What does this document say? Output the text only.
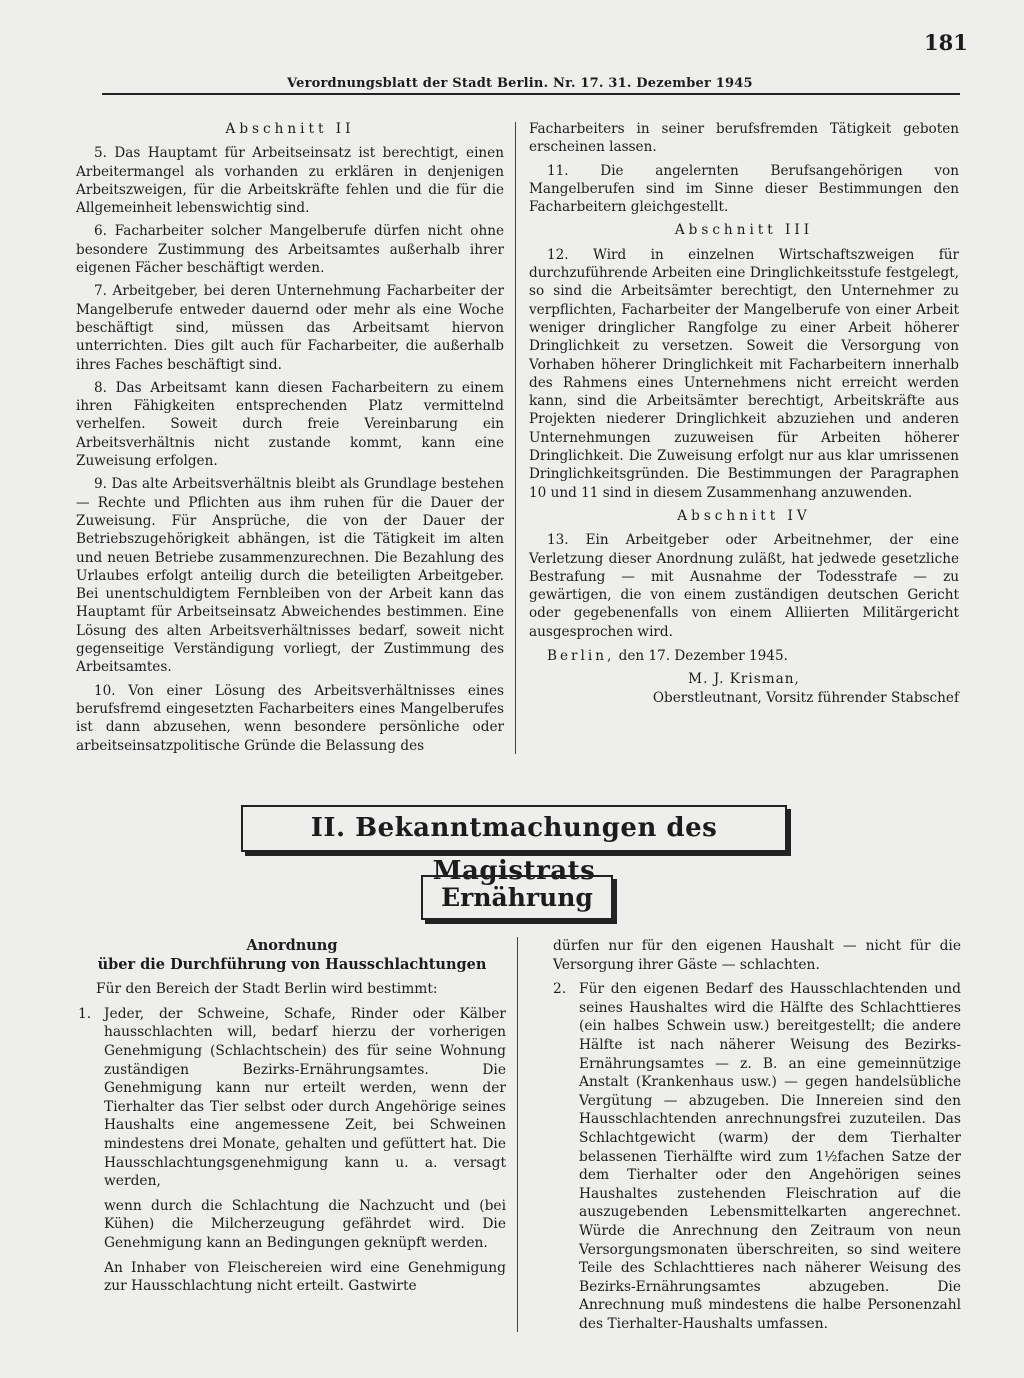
181
Verordnungsblatt der Stadt Berlin. Nr. 17. 31. Dezember 1945
Abschnitt II

5. Das Hauptamt für Arbeitseinsatz ist berechtigt, einen Arbeitermangel als vorhanden zu erklären in denjenigen Arbeitszweigen, für die Arbeitskräfte fehlen und die für die Allgemeinheit lebenswichtig sind.

6. Facharbeiter solcher Mangelberufe dürfen nicht ohne besondere Zustimmung des Arbeitsamtes außerhalb ihrer eigenen Fächer beschäftigt werden.

7. Arbeitgeber, bei deren Unternehmung Facharbeiter der Mangelberufe entweder dauernd oder mehr als eine Woche beschäftigt sind, müssen das Arbeitsamt hiervon unterrichten. Dies gilt auch für Facharbeiter, die außerhalb ihres Faches beschäftigt sind.

8. Das Arbeitsamt kann diesen Facharbeitern zu einem ihren Fähigkeiten entsprechenden Platz vermittelnd verhelfen. Soweit durch freie Vereinbarung ein Arbeitsverhältnis nicht zustande kommt, kann eine Zuweisung erfolgen.

9. Das alte Arbeitsverhältnis bleibt als Grundlage bestehen — Rechte und Pflichten aus ihm ruhen für die Dauer der Zuweisung. Für Ansprüche, die von der Dauer der Betriebszugehörigkeit abhängen, ist die Tätigkeit im alten und neuen Betriebe zusammenzurechnen. Die Bezahlung des Urlaubes erfolgt anteilig durch die beteiligten Arbeitgeber. Bei unentschuldigtem Fernbleiben von der Arbeit kann das Hauptamt für Arbeitseinsatz Abweichendes bestimmen. Eine Lösung des alten Arbeitsverhältnisses bedarf, soweit nicht gegenseitige Verständigung vorliegt, der Zustimmung des Arbeitsamtes.

10. Von einer Lösung des Arbeitsverhältnisses eines berufsfremd eingesetzten Facharbeiters eines Mangelberufes ist dann abzusehen, wenn besondere persönliche oder arbeitseinsatzpolitische Gründe die Belassung des

Facharbeiters in seiner berufsfremden Tätigkeit geboten erscheinen lassen.

11. Die angelernten Berufsangehörigen von Mangelberufen sind im Sinne dieser Bestimmungen den Facharbeitern gleichgestellt.

Abschnitt III

12. Wird in einzelnen Wirtschaftszweigen für durchzuführende Arbeiten eine Dringlichkeitsstufe festgelegt, so sind die Arbeitsämter berechtigt, den Unternehmer zu verpflichten, Facharbeiter der Mangelberufe von einer Arbeit weniger dringlicher Rangfolge zu einer Arbeit höherer Dringlichkeit zu versetzen. Soweit die Versorgung von Vorhaben höherer Dringlichkeit mit Facharbeitern innerhalb des Rahmens eines Unternehmens nicht erreicht werden kann, sind die Arbeitsämter berechtigt, Arbeitskräfte aus Projekten niederer Dringlichkeit abzuziehen und anderen Unternehmungen zuzuweisen für Arbeiten höherer Dringlichkeit. Die Zuweisung erfolgt nur aus klar umrissenen Dringlichkeitsgründen. Die Bestimmungen der Paragraphen 10 und 11 sind in diesem Zusammenhang anzuwenden.

Abschnitt IV

13. Ein Arbeitgeber oder Arbeitnehmer, der eine Verletzung dieser Anordnung zuläßt, hat jedwede gesetzliche Bestrafung — mit Ausnahme der Todesstrafe — zu gewärtigen, die von einem zuständigen deutschen Gericht oder gegebenenfalls von einem Alliierten Militärgericht ausgesprochen wird.

Berlin, den 17. Dezember 1945.

M. J. Krisman,
Oberstleutnant, Vorsitz führender Stabschef
II. Bekanntmachungen des Magistrats
Ernährung
Anordnung
über die Durchführung von Hausschlachtungen

Für den Bereich der Stadt Berlin wird bestimmt:

1. Jeder, der Schweine, Schafe, Rinder oder Kälber hausschlachten will, bedarf hierzu der vorherigen Genehmigung (Schlachtschein) des für seine Wohnung zuständigen Bezirks-Ernährungsamtes. Die Genehmigung kann nur erteilt werden, wenn der Tierhalter das Tier selbst oder durch Angehörige seines Haushalts eine angemessene Zeit, bei Schweinen mindestens drei Monate, gehalten und gefüttert hat. Die Hausschlachtungsgenehmigung kann u. a. versagt werden,

wenn durch die Schlachtung die Nachzucht und (bei Kühen) die Milcherzeugung gefährdet wird. Die Genehmigung kann an Bedingungen geknüpft werden.

An Inhaber von Fleischereien wird eine Genehmigung zur Hausschlachtung nicht erteilt. Gastwirte

dürfen nur für den eigenen Haushalt — nicht für die Versorgung ihrer Gäste — schlachten.

2. Für den eigenen Bedarf des Hausschlachtenden und seines Haushaltes wird die Hälfte des Schlachttieres (ein halbes Schwein usw.) bereitgestellt; die andere Hälfte ist nach näherer Weisung des Bezirks-Ernährungsamtes — z. B. an eine gemeinnützige Anstalt (Krankenhaus usw.) — gegen handelsübliche Vergütung — abzugeben. Die Innereien sind den Hausschlachtenden anrechnungsfrei zuzuteilen. Das Schlachtgewicht (warm) der dem Tierhalter belassenen Tierhälfte wird zum 1½fachen Satze der dem Tierhalter oder den Angehörigen seines Haushaltes zustehenden Fleischration auf die auszugebenden Lebensmittelkarten angerechnet. Würde die Anrechnung den Zeitraum von neun Versorgungsmonaten überschreiten, so sind weitere Teile des Schlachttieres nach näherer Weisung des Bezirks-Ernährungsamtes abzugeben. Die Anrechnung muß mindestens die halbe Personenzahl des Tierhalter-Haushalts umfassen.
